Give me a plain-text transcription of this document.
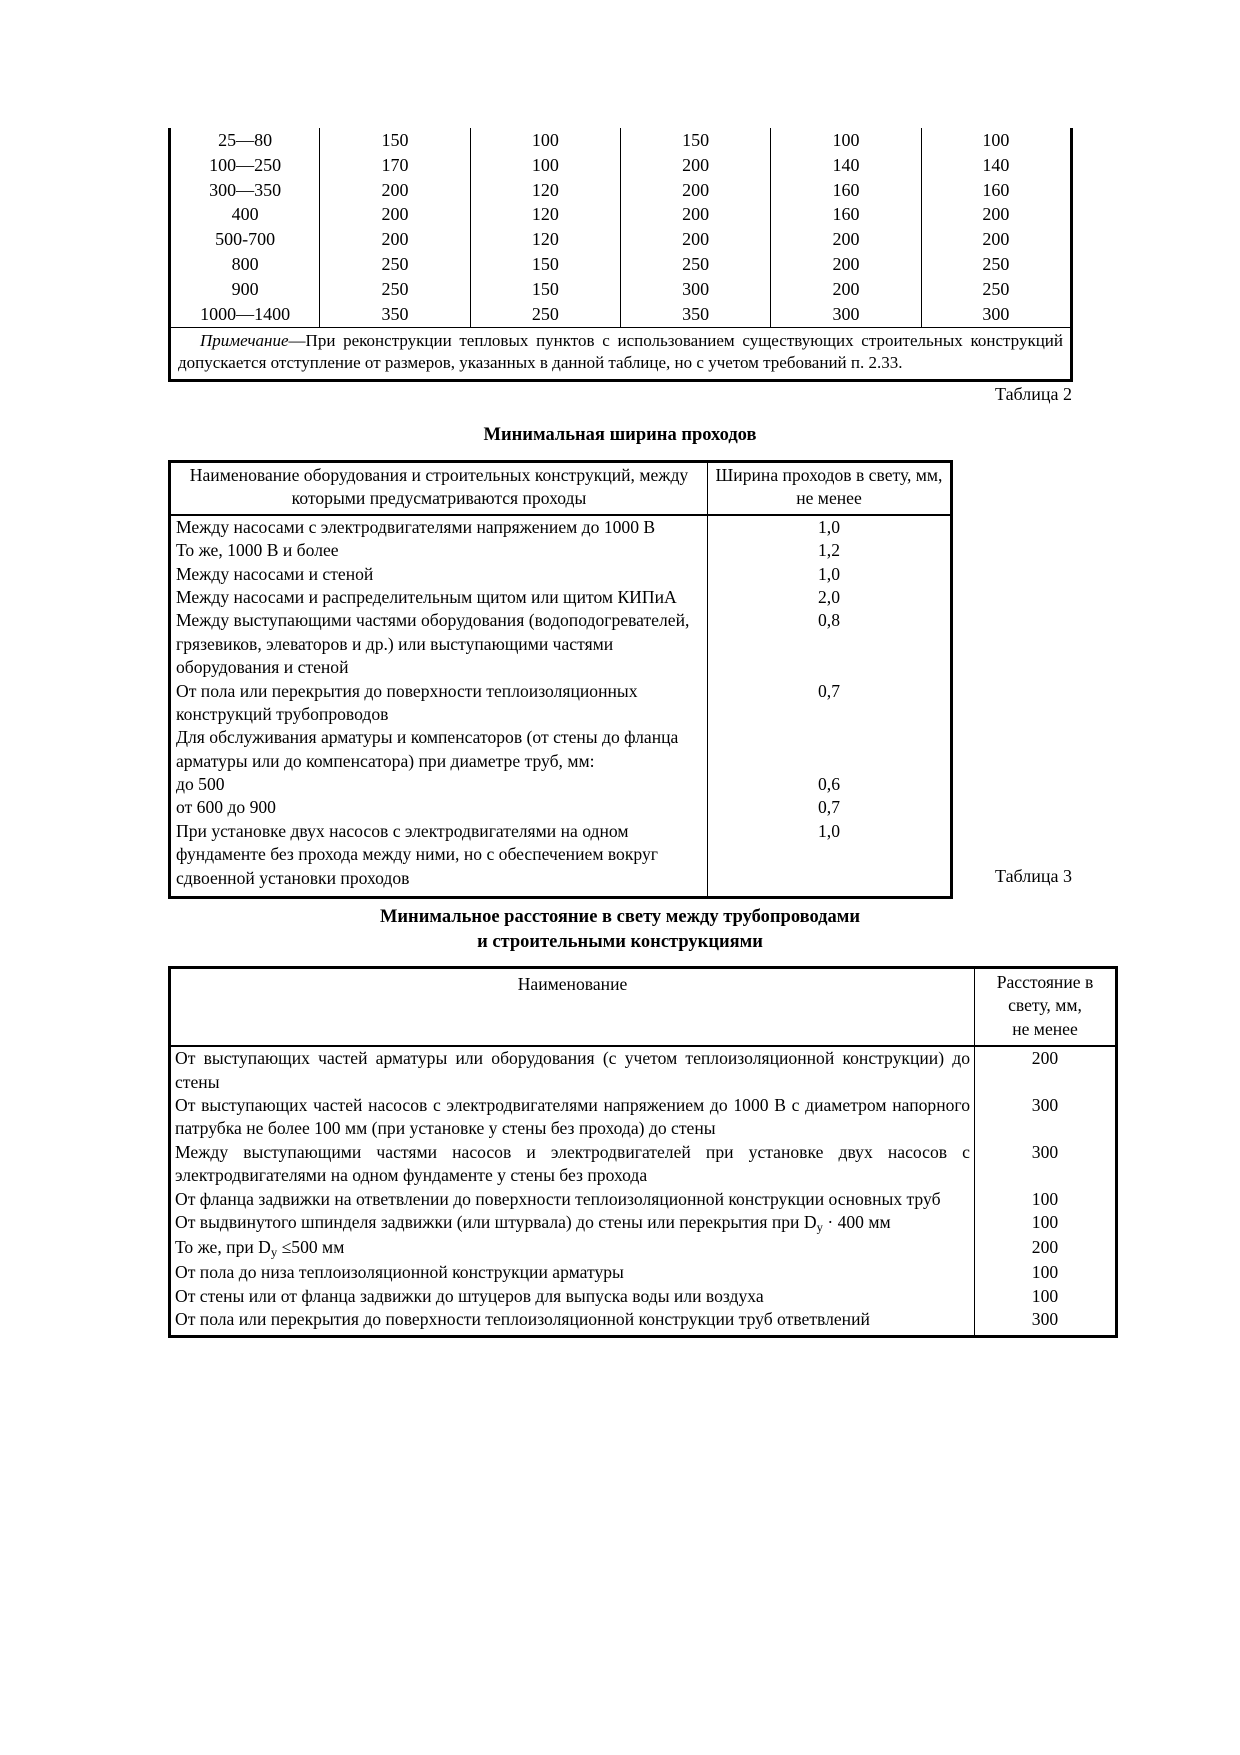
25—80	150	100	150	100	100
100—250	170	100	200	140	140
300—350	200	120	200	160	160
400	200	120	200	160	200
500-700	200	120	200	200	200
800	250	150	250	200	250
900	250	150	300	200	250
1000—1400	350	250	350	300	300

Примечание—При реконструкции тепловых пунктов с использованием существующих строительных конструкций допускается отступление от размеров, указанных в данной таблице, но с учетом требований п. 2.33.					
Таблица 2
Минимальная ширина проходов
Наименование оборудования и строительных конструкций, между которыми предусматриваются проходы	Ширина проходов в свету, мм, не менее
Между насосами с электродвигателями напряжением до 1000 В	1,0
То же, 1000 В и более	1,2
Между насосами и стеной	1,0
Между насосами и распределительным щитом или щитом КИПиА	2,0
Между выступающими частями оборудования (водоподогревателей, грязевиков, элеваторов и др.) или выступающими частями оборудования и стеной	0,8
От пола или перекрытия до поверхности теплоизоляционных конструкций трубопроводов	0,7
Для обслуживания арматуры и компенсаторов (от стены до фланца арматуры или до компенсатора) при диаметре труб, мм:	
до 500	0,6
от 600 до 900	0,7
При установке двух насосов с электродвигателями на одном фундаменте без прохода между ними, но с обеспечением вокруг сдвоенной установки проходов	1,0

Таблица 3
Минимальное расстояние в свету между трубопроводами
и строительными конструкциями
Наименование	Расстояние в
свету, мм,
не менее

От выступающих частей арматуры или оборудования (с учетом теплоизоляционной конструкции) до стены	200
От выступающих частей насосов с электродвигателями напряжением до 1000 В с диаметром напорного патрубка не более 100 мм (при установке у стены без прохода) до стены	300
Между выступающими частями насосов и электродвигателей при установке двух насосов с электродвигателями на одном фундаменте у стены без прохода	300
От фланца задвижки на ответвлении до поверхности теплоизоляционной конструкции основных труб	100
От выдвинутого шпинделя задвижки (или штурвала) до стены или перекрытия при $D_у \cdot 400$ мм	100
То же, при $D_у \le 500$ мм	200
От пола до низа теплоизоляционной конструкции арматуры	100
От стены или от фланца задвижки до штуцеров для выпуска воды или воздуха	100
От пола или перекрытия до поверхности теплоизоляционной конструкции труб ответвлений	300
